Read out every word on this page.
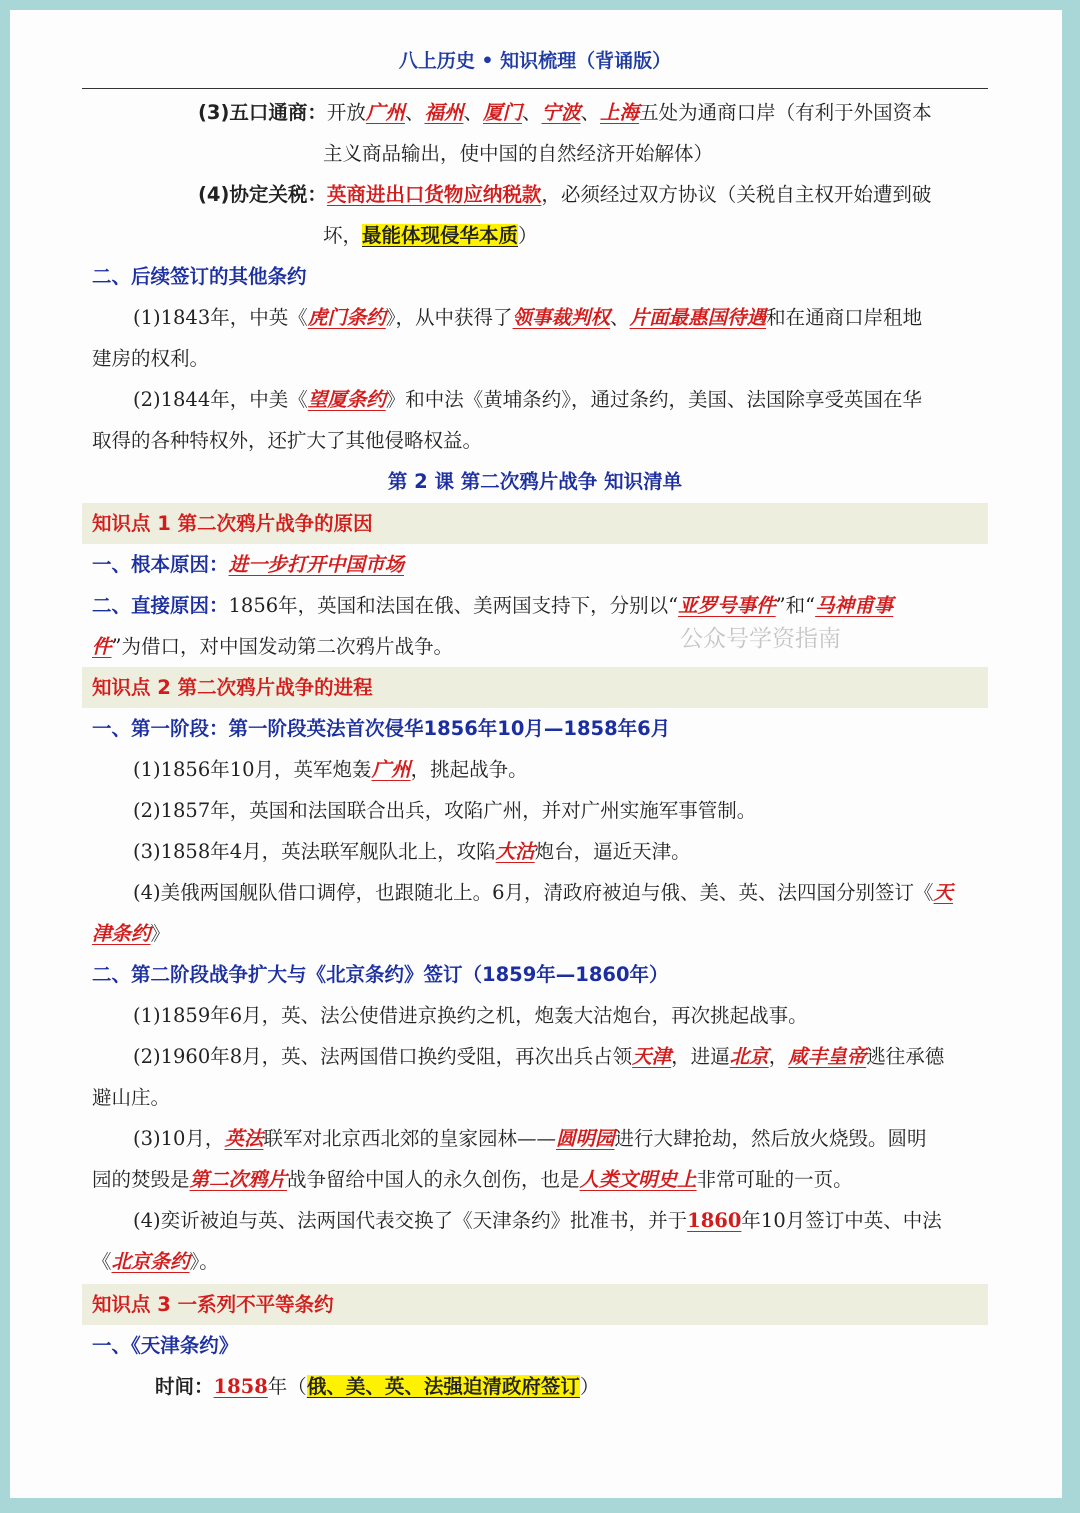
八上历史 • 知识梳理（背诵版）
(3)五口通商：开放广州、福州、厦门、宁波、上海五处为通商口岸（有利于外国资本
主义商品输出，使中国的自然经济开始解体）
(4)协定关税：英商进出口货物应纳税款，必须经过双方协议（关税自主权开始遭到破
坏，最能体现侵华本质）
二、后续签订的其他条约
(1)1843年，中英《虎门条约》，从中获得了领事裁判权、片面最惠国待遇和在通商口岸租地
建房的权利。
(2)1844年，中美《望厦条约》和中法《黄埔条约》，通过条约，美国、法国除享受英国在华
取得的各种特权外，还扩大了其他侵略权益。
第 2 课 第二次鸦片战争 知识清单
知识点 1 第二次鸦片战争的原因
一、根本原因：进一步打开中国市场
二、直接原因：1856年，英国和法国在俄、美两国支持下，分别以“亚罗号事件”和“马神甫事
件”为借口，对中国发动第二次鸦片战争。	公众号学资指南
知识点 2 第二次鸦片战争的进程
一、第一阶段：第一阶段英法首次侵华1856年10月—1858年6月
(1)1856年10月，英军炮轰广州，挑起战争。
(2)1857年，英国和法国联合出兵，攻陷广州，并对广州实施军事管制。
(3)1858年4月，英法联军舰队北上，攻陷大沽炮台，逼近天津。
(4)美俄两国舰队借口调停，也跟随北上。6月，清政府被迫与俄、美、英、法四国分别签订《天
津条约》
二、第二阶段战争扩大与《北京条约》签订（1859年—1860年）
(1)1859年6月，英、法公使借进京换约之机，炮轰大沽炮台，再次挑起战事。
(2)1960年8月，英、法两国借口换约受阻，再次出兵占领天津，进逼北京，咸丰皇帝逃往承德
避山庄。
(3)10月，英法联军对北京西北郊的皇家园林——圆明园进行大肆抢劫，然后放火烧毁。圆明
园的焚毁是第二次鸦片战争留给中国人的永久创伤，也是人类文明史上非常可耻的一页。
(4)奕䜣被迫与英、法两国代表交换了《天津条约》批准书，并于1860年10月签订中英、中法
《北京条约》。
知识点 3 一系列不平等条约
一、《天津条约》
时间：1858年（俄、美、英、法强迫清政府签订）
